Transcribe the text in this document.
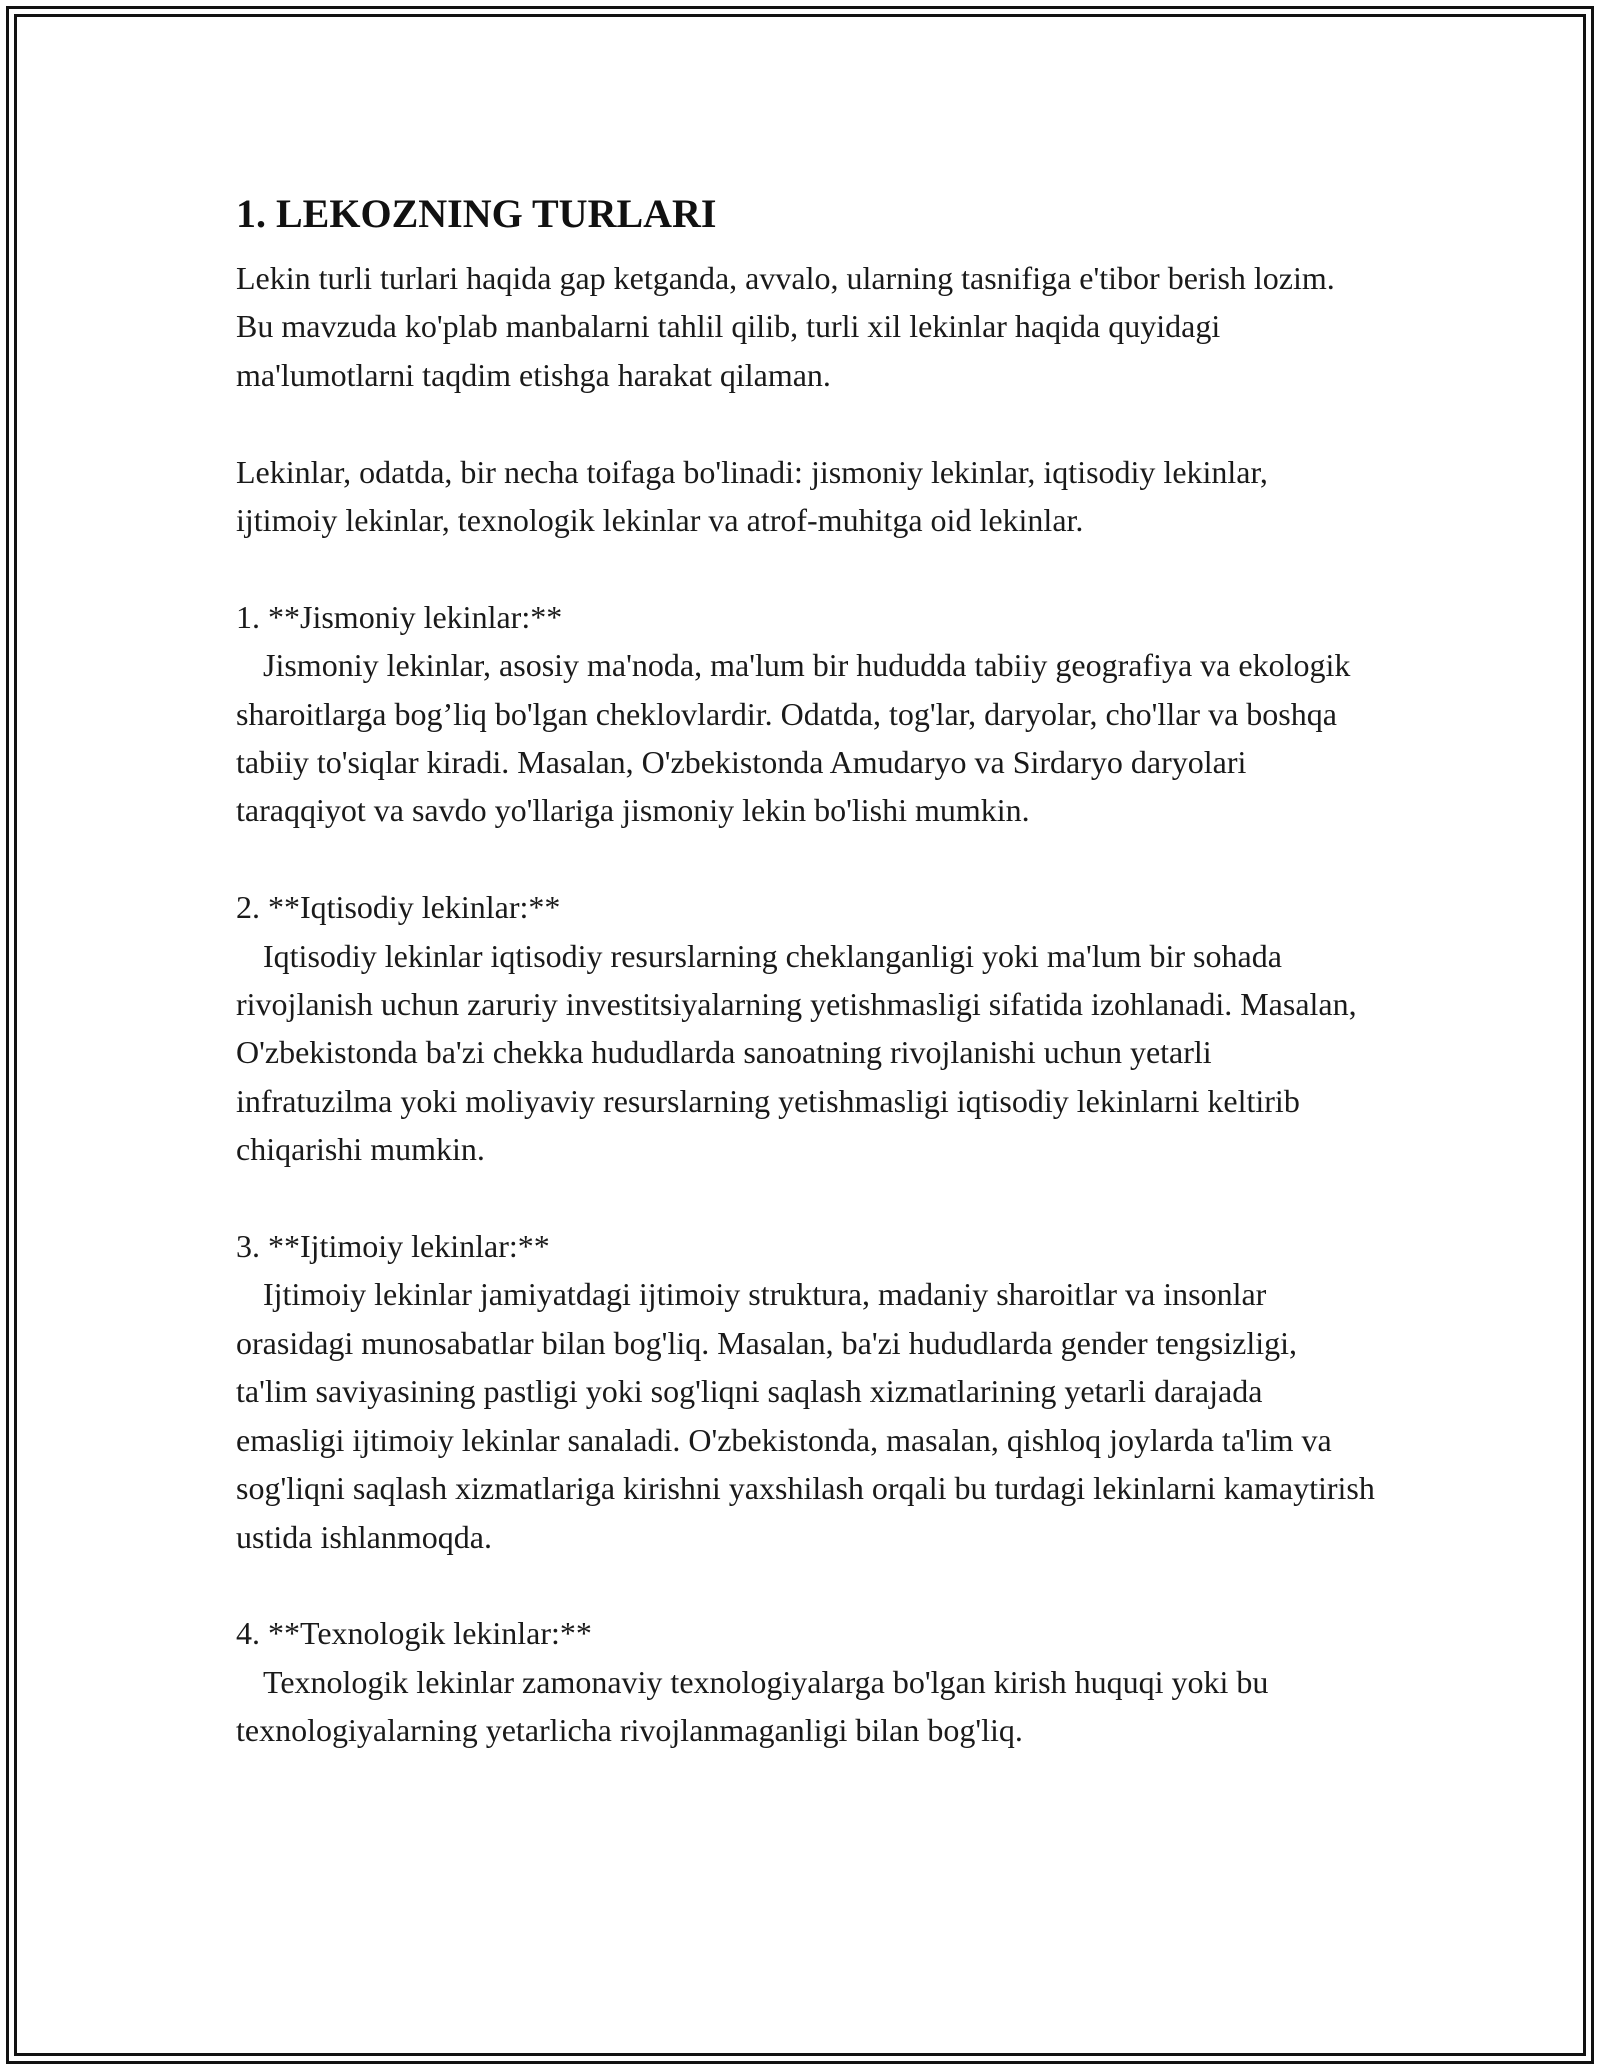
1. LEKOZNING TURLARI

Lekin turli turlari haqida gap ketganda, avvalo, ularning tasnifiga e'tibor berish lozim. Bu mavzuda ko'plab manbalarni tahlil qilib, turli xil lekinlar haqida quyidagi ma'lumotlarni taqdim etishga harakat qilaman.

Lekinlar, odatda, bir necha toifaga bo'linadi: jismoniy lekinlar, iqtisodiy lekinlar, ijtimoiy lekinlar, texnologik lekinlar va atrof-muhitga oid lekinlar.

1. **Jismoniy lekinlar:**

Jismoniy lekinlar, asosiy ma'noda, ma'lum bir hududda tabiiy geografiya va ekologik sharoitlarga bog’liq bo'lgan cheklovlardir. Odatda, tog'lar, daryolar, cho'llar va boshqa tabiiy to'siqlar kiradi. Masalan, O'zbekistonda Amudaryo va Sirdaryo daryolari taraqqiyot va savdo yo'llariga jismoniy lekin bo'lishi mumkin.

2. **Iqtisodiy lekinlar:**

Iqtisodiy lekinlar iqtisodiy resurslarning cheklanganligi yoki ma'lum bir sohada rivojlanish uchun zaruriy investitsiyalarning yetishmasligi sifatida izohlanadi. Masalan, O'zbekistonda ba'zi chekka hududlarda sanoatning rivojlanishi uchun yetarli infratuzilma yoki moliyaviy resurslarning yetishmasligi iqtisodiy lekinlarni keltirib chiqarishi mumkin.

3. **Ijtimoiy lekinlar:**

Ijtimoiy lekinlar jamiyatdagi ijtimoiy struktura, madaniy sharoitlar va insonlar orasidagi munosabatlar bilan bog'liq. Masalan, ba'zi hududlarda gender tengsizligi, ta'lim saviyasining pastligi yoki sog'liqni saqlash xizmatlarining yetarli darajada emasligi ijtimoiy lekinlar sanaladi. O'zbekistonda, masalan, qishloq joylarda ta'lim va sog'liqni saqlash xizmatlariga kirishni yaxshilash orqali bu turdagi lekinlarni kamaytirish ustida ishlanmoqda.

4. **Texnologik lekinlar:**

Texnologik lekinlar zamonaviy texnologiyalarga bo'lgan kirish huquqi yoki bu texnologiyalarning yetarlicha rivojlanmaganligi bilan bog'liq.
